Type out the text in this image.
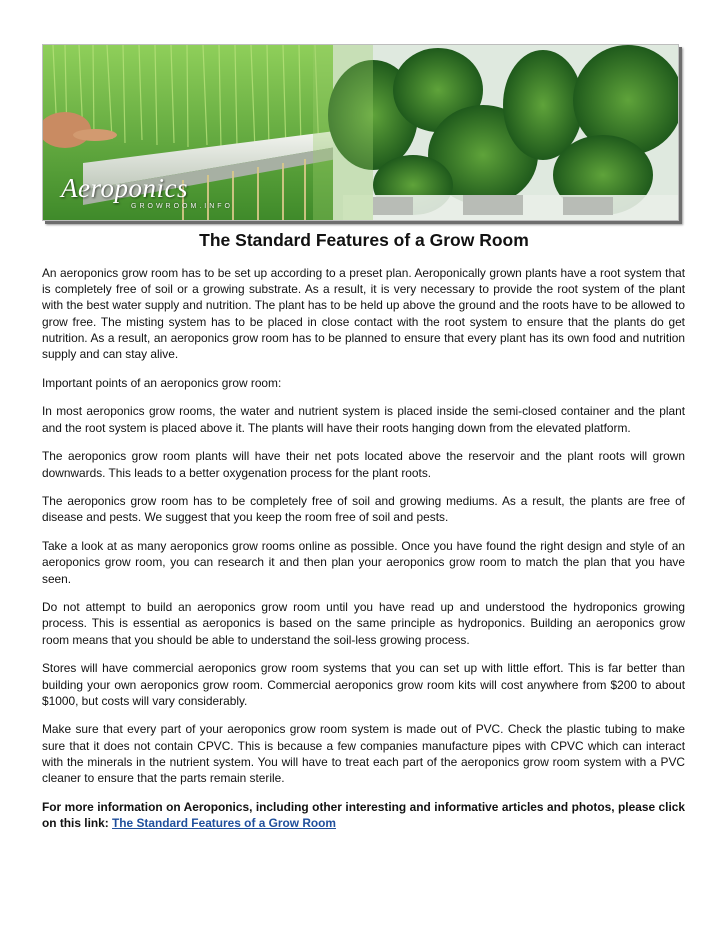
Aeroponics
GROWROOM.INFO
The Standard Features of a Grow Room

An aeroponics grow room has to be set up according to a preset plan. Aeroponically grown plants have a root system that is completely free of soil or a growing substrate. As a result, it is very necessary to provide the root system of the plant with the best water supply and nutrition. The plant has to be held up above the ground and the roots have to be allowed to grow free. The misting system has to be placed in close contact with the root system to ensure that the plants do get nutrition. As a result, an aeroponics grow room has to be planned to ensure that every plant has its own food and nutrition supply and can stay alive.

Important points of an aeroponics grow room:

In most aeroponics grow rooms, the water and nutrient system is placed inside the semi-closed container and the plant and the root system is placed above it. The plants will have their roots hanging down from the elevated platform.

The aeroponics grow room plants will have their net pots located above the reservoir and the plant roots will grown downwards. This leads to a better oxygenation process for the plant roots.

The aeroponics grow room has to be completely free of soil and growing mediums. As a result, the plants are free of disease and pests. We suggest that you keep the room free of soil and pests.

Take a look at as many aeroponics grow rooms online as possible. Once you have found the right design and style of an aeroponics grow room, you can research it and then plan your aeroponics grow room to match the plan that you have seen.

Do not attempt to build an aeroponics grow room until you have read up and understood the hydroponics growing process. This is essential as aeroponics is based on the same principle as hydroponics. Building an aeroponics grow room means that you should be able to understand the soil-less growing process.

Stores will have commercial aeroponics grow room systems that you can set up with little effort. This is far better than building your own aeroponics grow room. Commercial aeroponics grow room kits will cost anywhere from $200 to about $1000, but costs will vary considerably.

Make sure that every part of your aeroponics grow room system is made out of PVC. Check the plastic tubing to make sure that it does not contain CPVC. This is because a few companies manufacture pipes with CPVC which can interact with the minerals in the nutrient system. You will have to treat each part of the aeroponics grow room system with a PVC cleaner to ensure that the parts remain sterile.

For more information on Aeroponics, including other interesting and informative articles and photos, please click on this link: The Standard Features of a Grow Room
